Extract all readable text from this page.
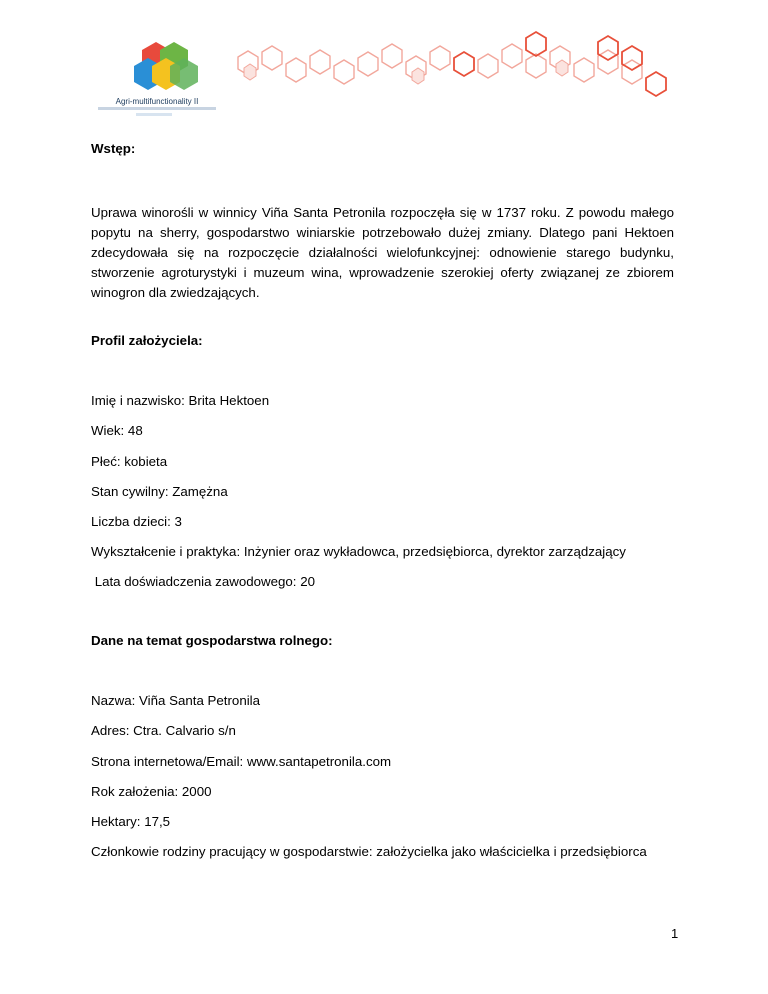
Agri-multifunctionality II
Wstęp:
Uprawa winorośli w winnicy Viña Santa Petronila rozpoczęła się w 1737 roku. Z powodu małego popytu na sherry, gospodarstwo winiarskie potrzebowało dużej zmiany. Dlatego pani Hektoen zdecydowała się na rozpoczęcie działalności wielofunkcyjnej: odnowienie starego budynku, stworzenie agroturystyki i muzeum wina, wprowadzenie szerokiej oferty związanej ze zbiorem winogron dla zwiedzających.
Profil założyciela:
Imię i nazwisko: Brita Hektoen
Wiek: 48
Płeć: kobieta
Stan cywilny: Zamężna
Liczba dzieci: 3
Wykształcenie i praktyka: Inżynier oraz wykładowca, przedsiębiorca, dyrektor zarządzający
Lata doświadczenia zawodowego: 20
Dane na temat gospodarstwa rolnego:
Nazwa: Viña Santa Petronila
Adres: Ctra. Calvario s/n
Strona internetowa/Email: www.santapetronila.com
Rok założenia: 2000
Hektary: 17,5
Członkowie rodziny pracujący w gospodarstwie: założycielka jako właścicielka i przedsiębiorca
1
